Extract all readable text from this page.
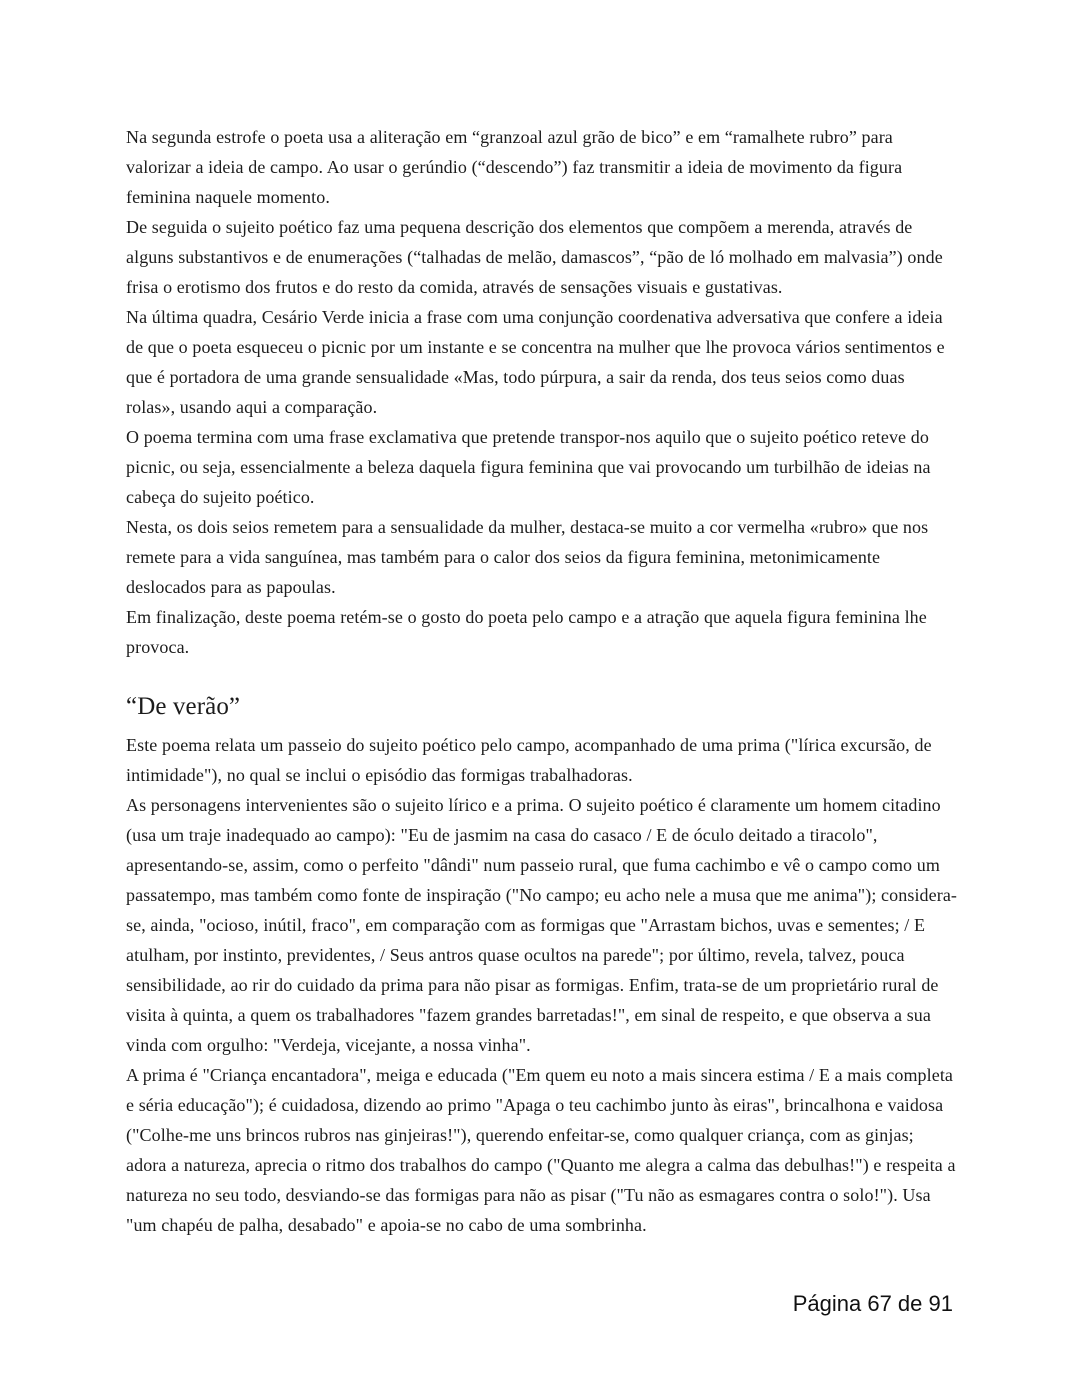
Na segunda estrofe o poeta usa a aliteração em “granzoal azul grão de bico” e em “ramalhete rubro” para valorizar a ideia de campo. Ao usar o gerúndio (“descendo”) faz transmitir a ideia de movimento da figura feminina naquele momento.

De seguida o sujeito poético faz uma pequena descrição dos elementos que compõem a merenda, através de alguns substantivos e de enumerações (“talhadas de melão, damascos”, “pão de ló molhado em malvasia”) onde frisa o erotismo dos frutos e do resto da comida, através de sensações visuais e gustativas.

Na última quadra, Cesário Verde inicia a frase com uma conjunção coordenativa adversativa que confere a ideia de que o poeta esqueceu o picnic por um instante e se concentra na mulher que lhe provoca vários sentimentos e que é portadora de uma grande sensualidade «Mas, todo púrpura, a sair da renda, dos teus seios como duas rolas», usando aqui a comparação.

O poema termina com uma frase exclamativa que pretende transpor-nos aquilo que o sujeito poético reteve do picnic, ou seja, essencialmente a beleza daquela figura feminina que vai provocando um turbilhão de ideias na cabeça do sujeito poético.

Nesta, os dois seios remetem para a sensualidade da mulher, destaca-se muito a cor vermelha «rubro» que nos remete para a vida sanguínea, mas também para o calor dos seios da figura feminina, metonimicamente deslocados para as papoulas.

Em finalização, deste poema retém-se o gosto do poeta pelo campo e a atração que aquela figura feminina lhe provoca.

“De verão”

Este poema relata um passeio do sujeito poético pelo campo, acompanhado de uma prima ("lírica excursão, de intimidade"), no qual se inclui o episódio das formigas trabalhadoras.

As personagens intervenientes são o sujeito lírico e a prima. O sujeito poético é claramente um homem citadino (usa um traje inadequado ao campo): "Eu de jasmim na casa do casaco / E de óculo deitado a tiracolo", apresentando-se, assim, como o perfeito "dândi" num passeio rural, que fuma cachimbo e vê o campo como um passatempo, mas também como fonte de inspiração ("No campo; eu acho nele a musa que me anima"); considera- se, ainda, "ocioso, inútil, fraco", em comparação com as formigas que "Arrastam bichos, uvas e sementes; / E atulham, por instinto, previdentes, / Seus antros quase ocultos na parede"; por último, revela, talvez, pouca sensibilidade, ao rir do cuidado da prima para não pisar as formigas. Enfim, trata-se de um proprietário rural de visita à quinta, a quem os trabalhadores "fazem grandes barretadas!", em sinal de respeito, e que observa a sua vinda com orgulho: "Verdeja, vicejante, a nossa vinha".

A prima é "Criança encantadora", meiga e educada ("Em quem eu noto a mais sincera estima / E a mais completa e séria educação"); é cuidadosa, dizendo ao primo "Apaga o teu cachimbo junto às eiras", brincalhona e vaidosa ("Colhe-me uns brincos rubros nas ginjeiras!"), querendo enfeitar-se, como qualquer criança, com as ginjas; adora a natureza, aprecia o ritmo dos trabalhos do campo ("Quanto me alegra a calma das debulhas!") e respeita a natureza no seu todo, desviando-se das formigas para não as pisar ("Tu não as esmagares contra o solo!"). Usa "um chapéu de palha, desabado" e apoia-se no cabo de uma sombrinha.

Página 67 de 91
